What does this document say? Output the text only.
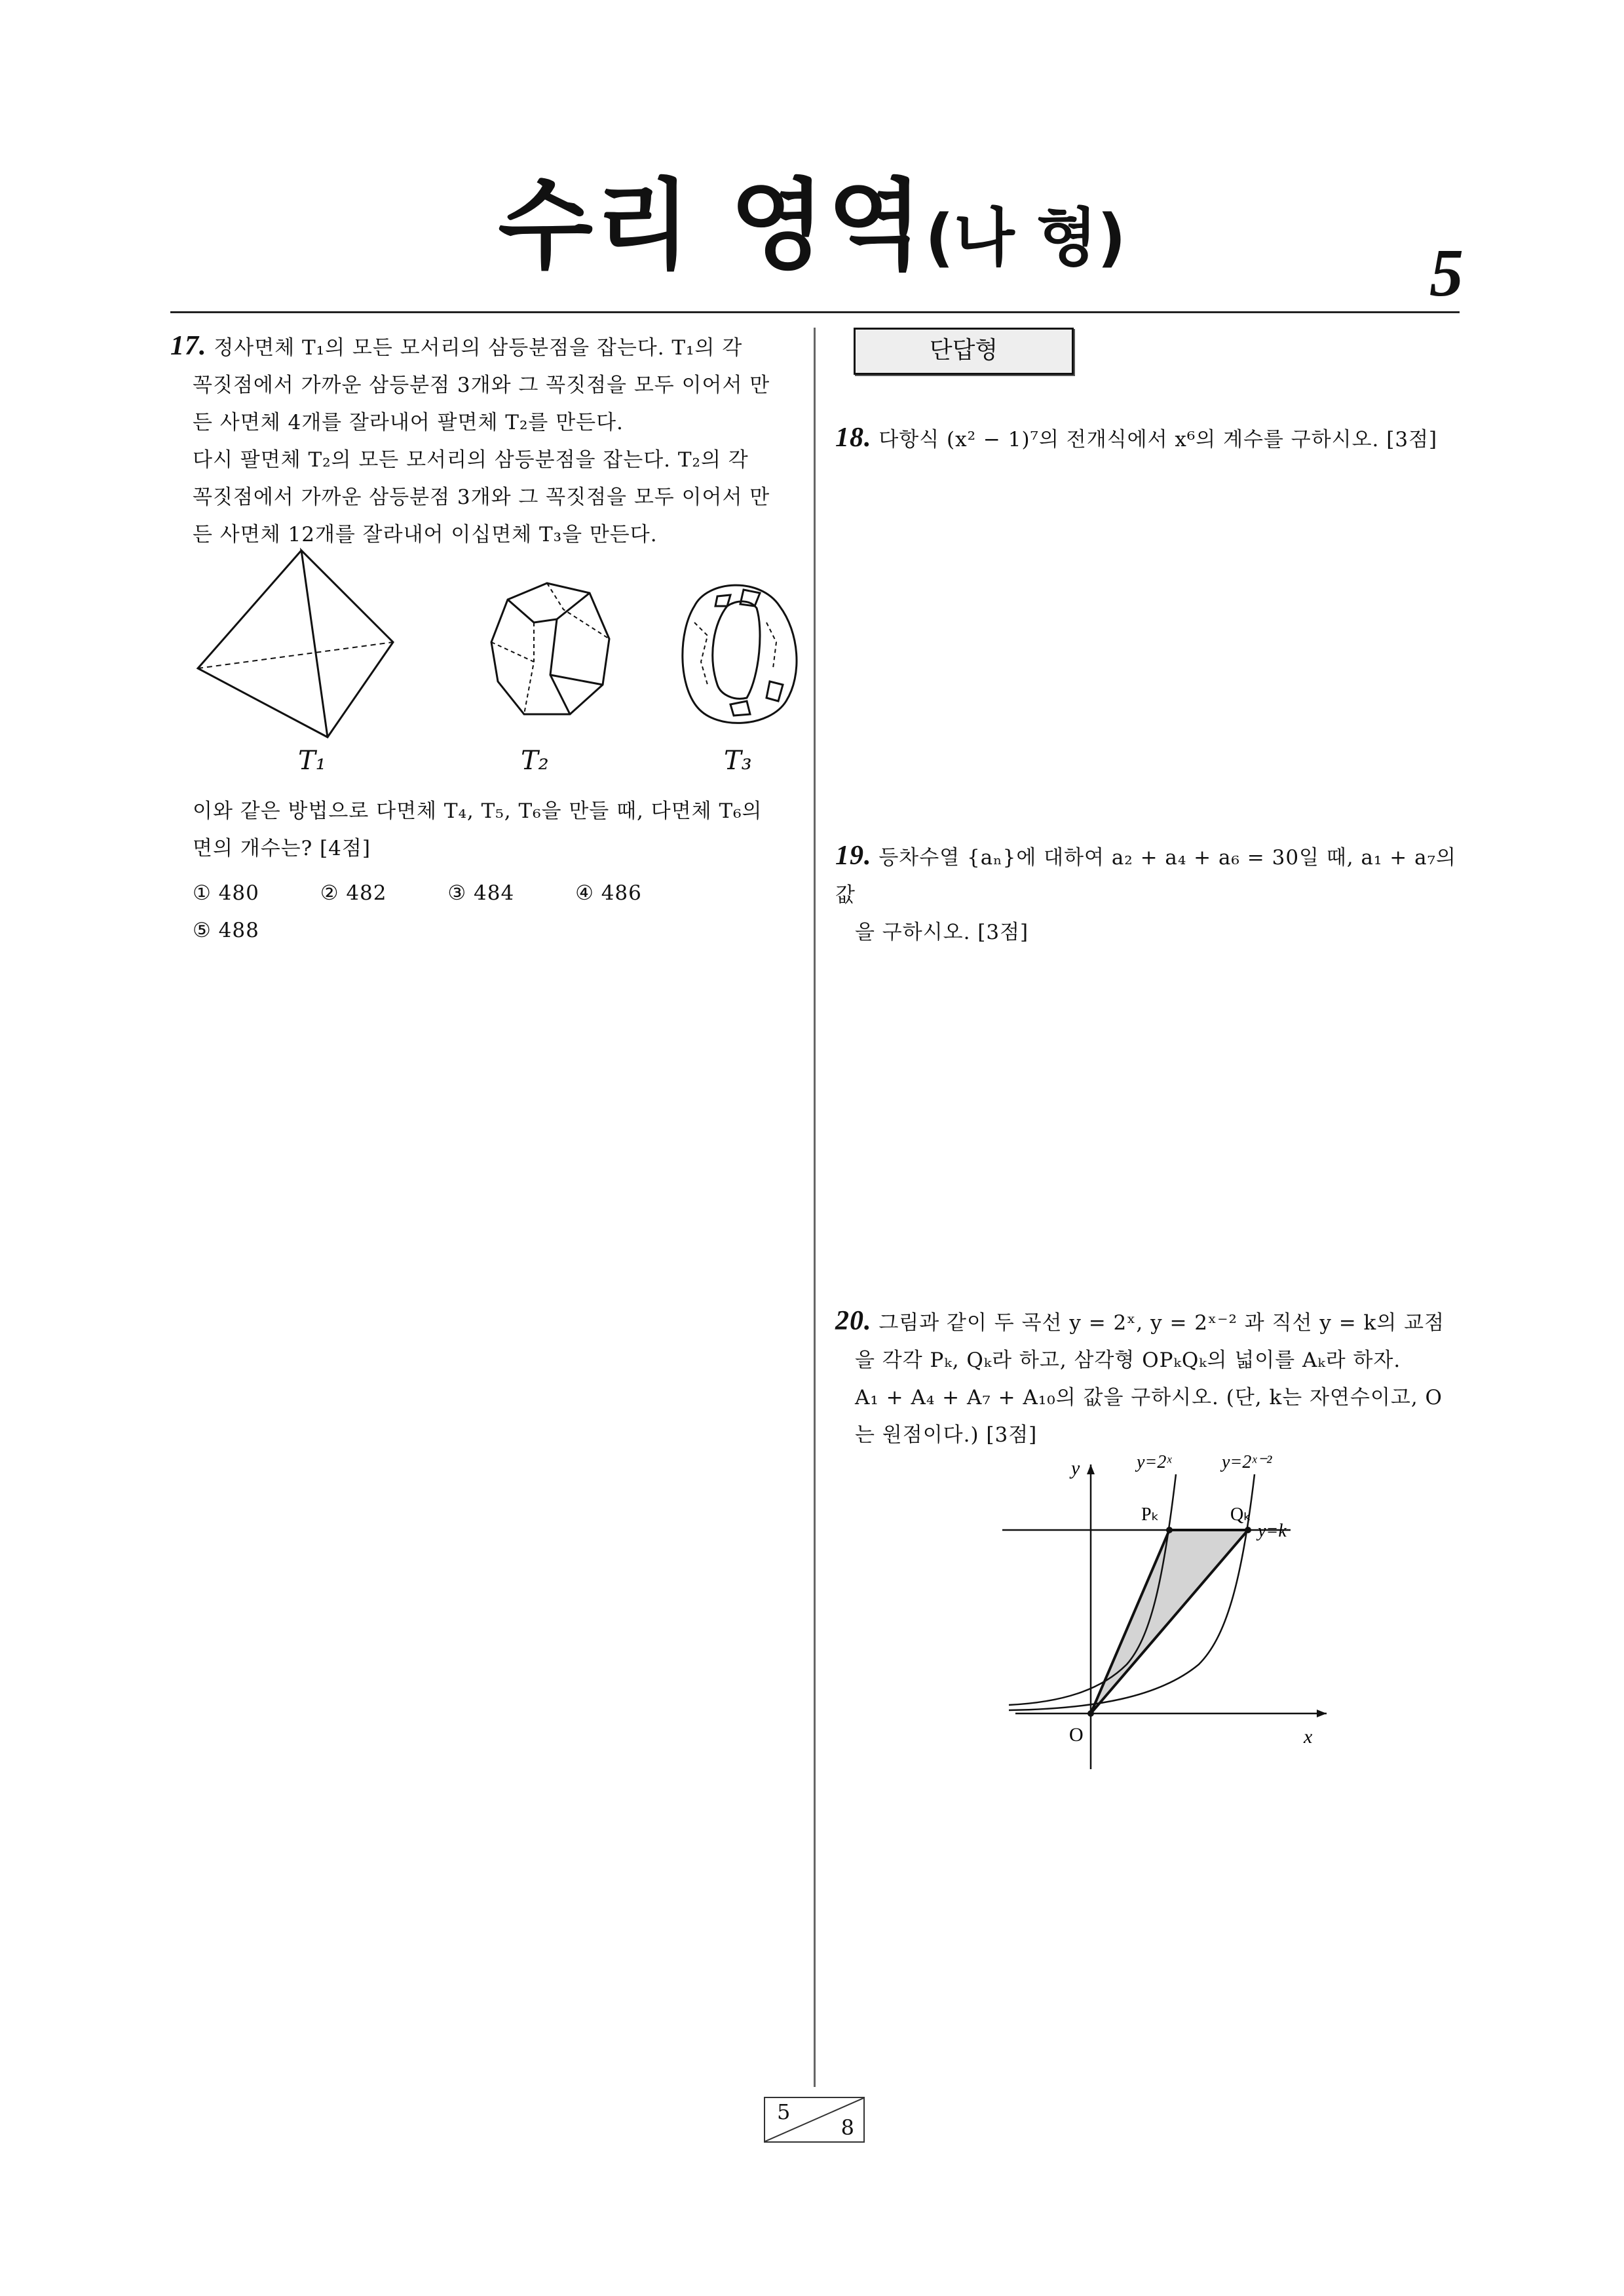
수리 영역(나 형)	5
17. 정사면체 T₁의 모든 모서리의 삼등분점을 잡는다. T₁의 각
꼭짓점에서 가까운 삼등분점 3개와 그 꼭짓점을 모두 이어서 만
든 사면체 4개를 잘라내어 팔면체 T₂를 만든다.
다시 팔면체 T₂의 모든 모서리의 삼등분점을 잡는다. T₂의 각
꼭짓점에서 가까운 삼등분점 3개와 그 꼭짓점을 모두 이어서 만
든 사면체 12개를 잘라내어 이십면체 T₃을 만든다.
T₁	T₂	T₃
이와 같은 방법으로 다면체 T₄, T₅, T₆을 만들 때, 다면체 T₆의
면의 개수는? [4점]
① 480	② 482	③ 484	④ 486 ⑤ 488
단답형
18. 다항식 (x² − 1)⁷의 전개식에서 x⁶의 계수를 구하시오. [3점]
19. 등차수열 {aₙ}에 대하여 a₂ + a₄ + a₆ = 30일 때, a₁ + a₇의 값
을 구하시오. [3점]
20. 그림과 같이 두 곡선 y = 2ˣ, y = 2ˣ⁻² 과 직선 y = k의 교점
을 각각 Pₖ, Qₖ라 하고, 삼각형 OPₖQₖ의 넓이를 Aₖ라 하자.
A₁ + A₄ + A₇ + A₁₀의 값을 구하시오. (단, k는 자연수이고, O
는 원점이다.) [3점]
y
x
O
y=2ˣ	y=2ˣ⁻²
y=k
Pₖ	Qₖ
5
8
